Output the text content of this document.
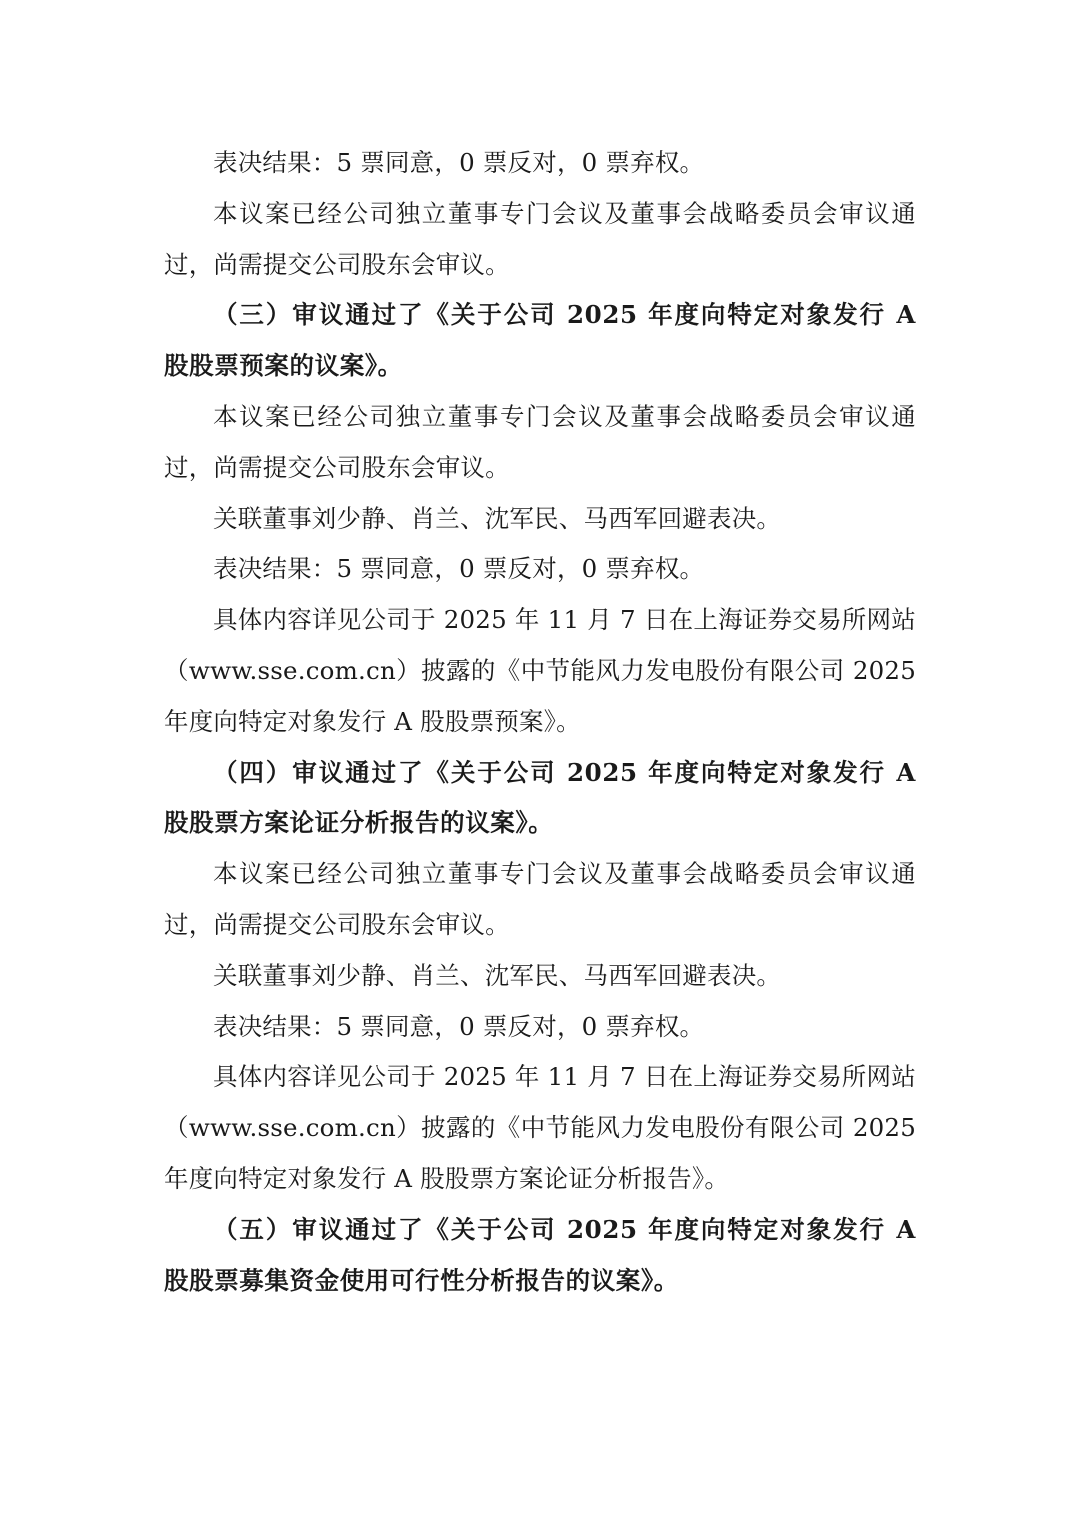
表决结果：5 票同意，0 票反对，0 票弃权。

本议案已经公司独立董事专门会议及董事会战略委员会审议通过，尚需提交公司股东会审议。

（三）审议通过了《关于公司 2025 年度向特定对象发行 A 股股票预案的议案》。

本议案已经公司独立董事专门会议及董事会战略委员会审议通过，尚需提交公司股东会审议。

关联董事刘少静、肖兰、沈军民、马西军回避表决。

表决结果：5 票同意，0 票反对，0 票弃权。

具体内容详见公司于 2025 年 11 月 7 日在上海证券交易所网站（www.sse.com.cn）披露的《中节能风力发电股份有限公司 2025 年度向特定对象发行 A 股股票预案》。

（四）审议通过了《关于公司 2025 年度向特定对象发行 A 股股票方案论证分析报告的议案》。

本议案已经公司独立董事专门会议及董事会战略委员会审议通过，尚需提交公司股东会审议。

关联董事刘少静、肖兰、沈军民、马西军回避表决。

表决结果：5 票同意，0 票反对，0 票弃权。

具体内容详见公司于 2025 年 11 月 7 日在上海证券交易所网站（www.sse.com.cn）披露的《中节能风力发电股份有限公司 2025 年度向特定对象发行 A 股股票方案论证分析报告》。

（五）审议通过了《关于公司 2025 年度向特定对象发行 A 股股票募集资金使用可行性分析报告的议案》。
